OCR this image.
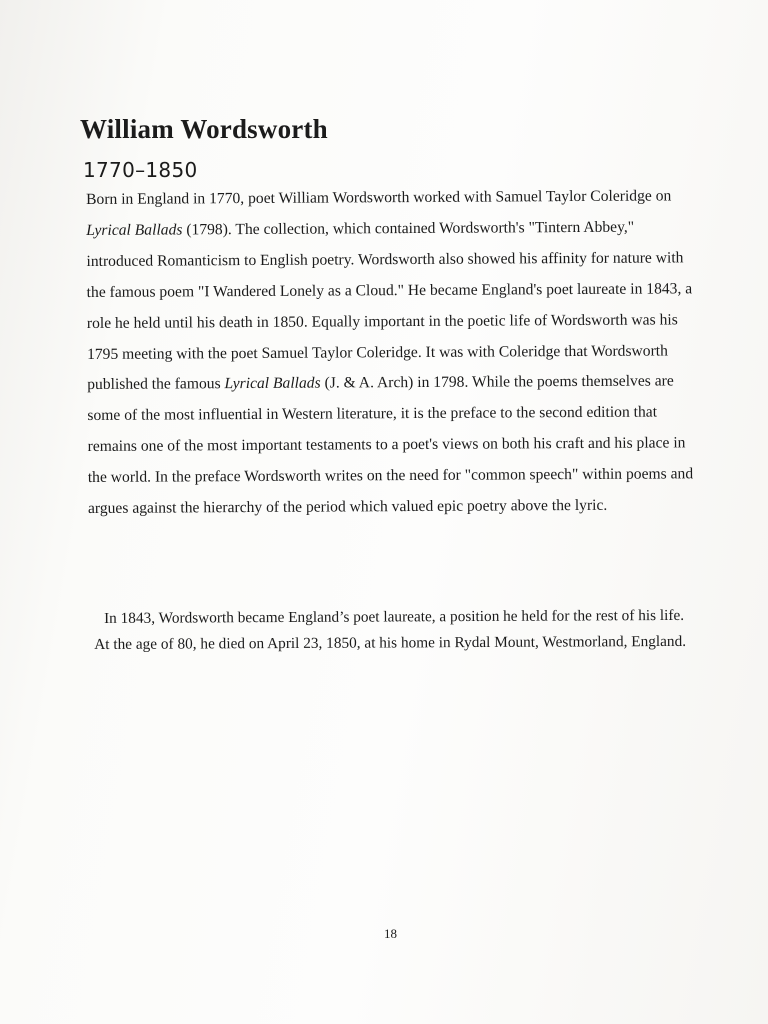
William Wordsworth
1770–1850

Born in England in 1770, poet William Wordsworth worked with Samuel Taylor Coleridge on Lyrical Ballads (1798). The collection, which contained Wordsworth's "Tintern Abbey," introduced Romanticism to English poetry. Wordsworth also showed his affinity for nature with the famous poem "I Wandered Lonely as a Cloud." He became England's poet laureate in 1843, a role he held until his death in 1850. Equally important in the poetic life of Wordsworth was his 1795 meeting with the poet Samuel Taylor Coleridge. It was with Coleridge that Wordsworth published the famous Lyrical Ballads (J. & A. Arch) in 1798. While the poems themselves are some of the most influential in Western literature, it is the preface to the second edition that remains one of the most important testaments to a poet's views on both his craft and his place in the world. In the preface Wordsworth writes on the need for "common speech" within poems and argues against the hierarchy of the period which valued epic poetry above the lyric.

In 1843, Wordsworth became England’s poet laureate, a position he held for the rest of his life. At the age of 80, he died on April 23, 1850, at his home in Rydal Mount, Westmorland, England.

18
